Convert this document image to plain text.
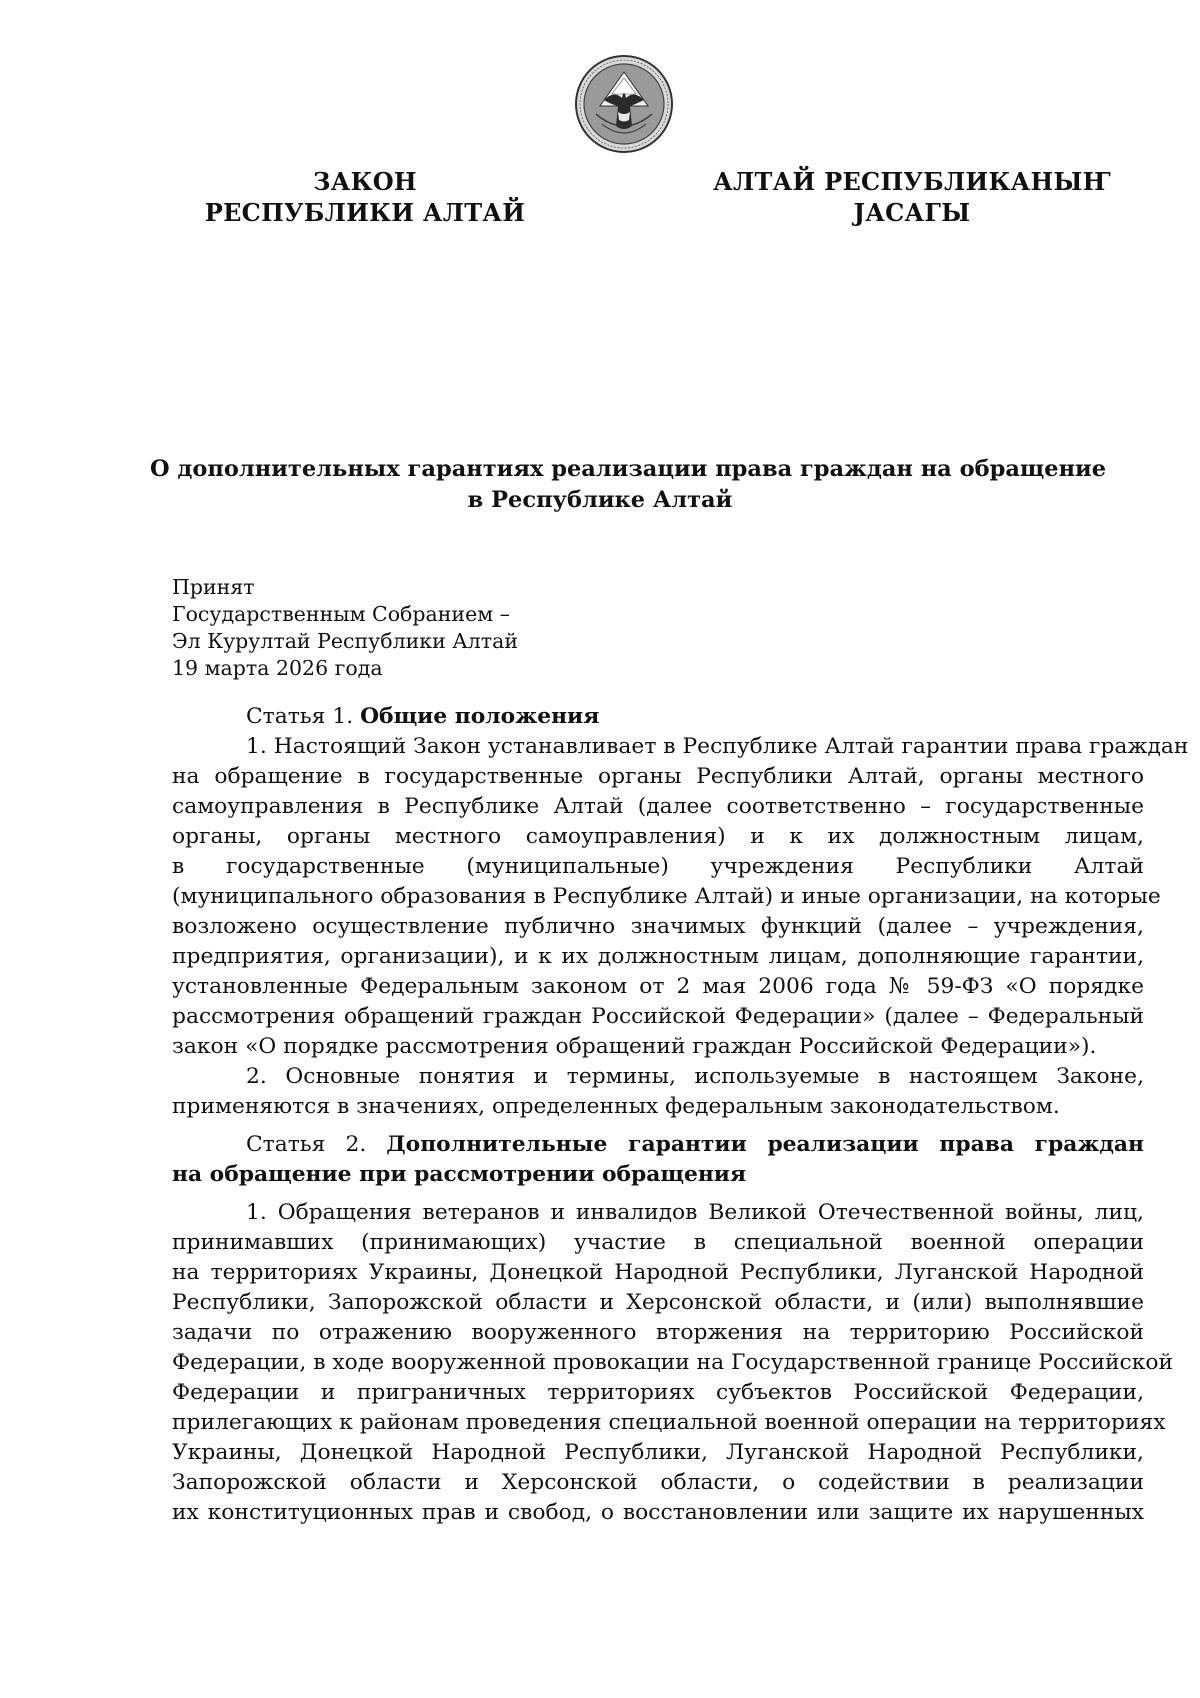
ЗАКОН
РЕСПУБЛИКИ АЛТАЙ
АЛТАЙ РЕСПУБЛИКАНЫҤ
ЈАСАГЫ
О дополнительных гарантиях реализации права граждан на обращение
в Республике Алтай
Принят
Государственным Собранием –
Эл Курултай Республики Алтай
19 марта 2026 года
Статья 1. Общие положения
1. Настоящий Закон устанавливает в Республике Алтай гарантии права граждан
на обращение в государственные органы Республики Алтай, органы местного
самоуправления в Республике Алтай (далее соответственно – государственные
органы, органы местного самоуправления) и к их должностным лицам,
в государственные (муниципальные) учреждения Республики Алтай
(муниципального образования в Республике Алтай) и иные организации, на которые
возложено осуществление публично значимых функций (далее – учреждения,
предприятия, организации), и к их должностным лицам, дополняющие гарантии,
установленные Федеральным законом от 2 мая 2006 года № 59-ФЗ «О порядке
рассмотрения обращений граждан Российской Федерации» (далее – Федеральный
закон «О порядке рассмотрения обращений граждан Российской Федерации»).
2. Основные понятия и термины, используемые в настоящем Законе,
применяются в значениях, определенных федеральным законодательством.
Статья 2. Дополнительные гарантии реализации права граждан
на обращение при рассмотрении обращения
1. Обращения ветеранов и инвалидов Великой Отечественной войны, лиц,
принимавших (принимающих) участие в специальной военной операции
на территориях Украины, Донецкой Народной Республики, Луганской Народной
Республики, Запорожской области и Херсонской области, и (или) выполнявшие
задачи по отражению вооруженного вторжения на территорию Российской
Федерации, в ходе вооруженной провокации на Государственной границе Российской
Федерации и приграничных территориях субъектов Российской Федерации,
прилегающих к районам проведения специальной военной операции на территориях
Украины, Донецкой Народной Республики, Луганской Народной Республики,
Запорожской области и Херсонской области, о содействии в реализации
их конституционных прав и свобод, о восстановлении или защите их нарушенных
